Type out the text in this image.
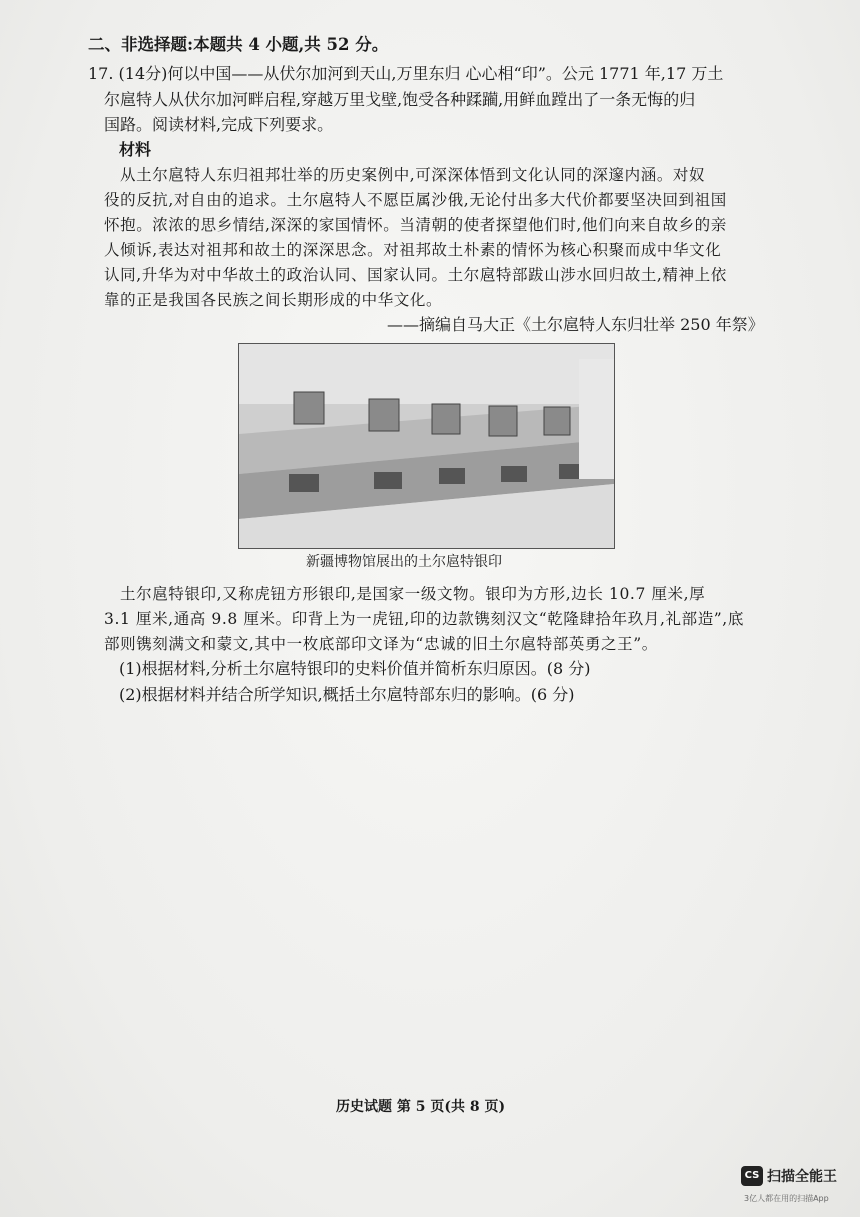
二、非选择题:本题共 4 小题,共 52 分。
17. (14分)何以中国——从伏尔加河到天山,万里东归 心心相“印”。公元 1771 年,17 万土
尔扈特人从伏尔加河畔启程,穿越万里戈壁,饱受各种蹂躏,用鲜血蹚出了一条无悔的归
国路。阅读材料,完成下列要求。
材料
从土尔扈特人东归祖邦壮举的历史案例中,可深深体悟到文化认同的深邃内涵。对奴
役的反抗,对自由的追求。土尔扈特人不愿臣属沙俄,无论付出多大代价都要坚决回到祖国
怀抱。浓浓的思乡情结,深深的家国情怀。当清朝的使者探望他们时,他们向来自故乡的亲
人倾诉,表达对祖邦和故土的深深思念。对祖邦故土朴素的情怀为核心积聚而成中华文化
认同,升华为对中华故土的政治认同、国家认同。土尔扈特部跋山涉水回归故土,精神上依
靠的正是我国各民族之间长期形成的中华文化。
——摘编自马大正《土尔扈特人东归壮举 250 年祭》
新疆博物馆展出的土尔扈特银印
土尔扈特银印,又称虎钮方形银印,是国家一级文物。银印为方形,边长 10.7 厘米,厚
3.1 厘米,通高 9.8 厘米。印背上为一虎钮,印的边款镌刻汉文“乾隆肆拾年玖月,礼部造”,底
部则镌刻满文和蒙文,其中一枚底部印文译为“忠诚的旧土尔扈特部英勇之王”。
(1)根据材料,分析土尔扈特银印的史料价值并简析东归原因。(8 分)
(2)根据材料并结合所学知识,概括土尔扈特部东归的影响。(6 分)
历史试题 第 5 页(共 8 页)
CS 扫描全能王
3亿人都在用的扫描App
